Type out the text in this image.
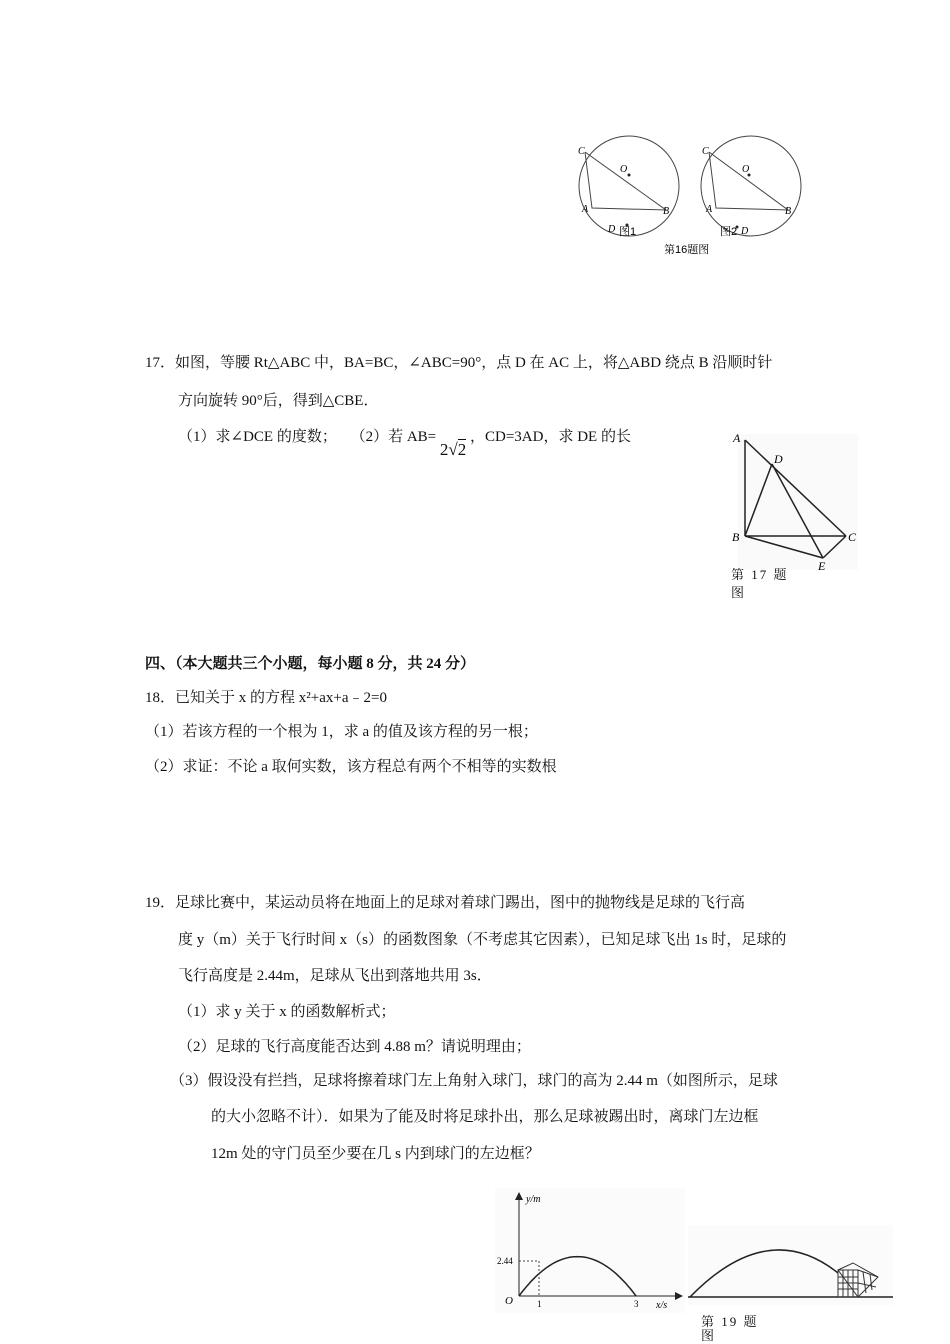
C
O
A	B
D 图1
C
O
A	B
D
图2
第16题图
17．如图，等腰 Rt△ABC 中，BA=BC，∠ABC=90°，点 D 在 AC 上，将△ABD 绕点 B 沿顺时针
方向旋转 90°后，得到△CBE．
（1）求∠DCE 的度数； （2）若 AB= 2√2 ，CD=3AD，求 DE 的长	A
D
B	C
E
第 17 题
图
四、（本大题共三个小题，每小题 8 分，共 24 分）
18．已知关于 x 的方程 x²+ax+a﹣2=0
（1）若该方程的一个根为 1，求 a 的值及该方程的另一根；
（2）求证：不论 a 取何实数，该方程总有两个不相等的实数根
19．足球比赛中，某运动员将在地面上的足球对着球门踢出，图中的抛物线是足球的飞行高
度 y（m）关于飞行时间 x（s）的函数图象（不考虑其它因素），已知足球飞出 1s 时，足球的
飞行高度是 2.44m，足球从飞出到落地共用 3s．
（1）求 y 关于 x 的函数解析式；
（2）足球的飞行高度能否达到 4.88 m？请说明理由；
（3）假设没有拦挡，足球将擦着球门左上角射入球门，球门的高为 2.44 m（如图所示，足球
的大小忽略不计）．如果为了能及时将足球扑出，那么足球被踢出时，离球门左边框
12m 处的守门员至少要在几 s 内到球门的左边框？
y/m
x/s
O
2.44
1	3
第 19 题
图
